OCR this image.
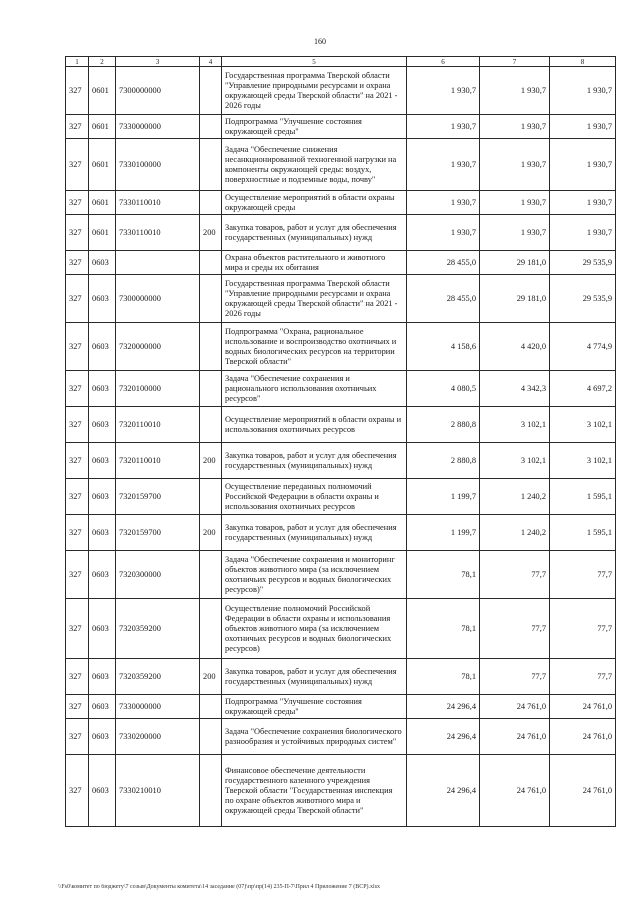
160
1	2	3	4	5	6	7	8
327	0601	7300000000		Государственная программа Тверской области "Управление природными ресурсами и охрана окружающей среды Тверской области" на 2021 - 2026 годы	1 930,7	1 930,7	1 930,7
327	0601	7330000000		Подпрограмма "Улучшение состояния окружающей среды"	1 930,7	1 930,7	1 930,7
327	0601	7330100000		Задача "Обеспечение снижения несанкционированной техногенной нагрузки на компоненты окружающей среды: воздух, поверхностные и подземные воды, почву"	1 930,7	1 930,7	1 930,7
327	0601	7330110010		Осуществление мероприятий в области охраны окружающей среды	1 930,7	1 930,7	1 930,7
327	0601	7330110010	200	Закупка товаров, работ и услуг для обеспечения государственных (муниципальных) нужд	1 930,7	1 930,7	1 930,7
327	0603			Охрана объектов растительного и животного мира и среды их обитания	28 455,0	29 181,0	29 535,9
327	0603	7300000000		Государственная программа Тверской области "Управление природными ресурсами и охрана окружающей среды Тверской области" на 2021 - 2026 годы	28 455,0	29 181,0	29 535,9
327	0603	7320000000		Подпрограмма "Охрана, рациональное использование и воспроизводство охотничьих и водных биологических ресурсов на территории Тверской области"	4 158,6	4 420,0	4 774,9
327	0603	7320100000		Задача "Обеспечение сохранения и рационального использования охотничьих ресурсов"	4 080,5	4 342,3	4 697,2
327	0603	7320110010		Осуществление мероприятий в области охраны и использования охотничьих ресурсов	2 880,8	3 102,1	3 102,1
327	0603	7320110010	200	Закупка товаров, работ и услуг для обеспечения государственных (муниципальных) нужд	2 880,8	3 102,1	3 102,1
327	0603	7320159700		Осуществление переданных полномочий Российской Федерации в области охраны и использования охотничьих ресурсов	1 199,7	1 240,2	1 595,1
327	0603	7320159700	200	Закупка товаров, работ и услуг для обеспечения государственных (муниципальных) нужд	1 199,7	1 240,2	1 595,1
327	0603	7320300000		Задача "Обеспечение сохранения и мониторинг объектов животного мира (за исключением охотничьих ресурсов и водных биологических ресурсов)"	78,1	77,7	77,7
327	0603	7320359200		Осуществление полномочий Российской Федерации в области охраны и использования объектов животного мира (за исключением охотничьих ресурсов и водных биологических ресурсов)	78,1	77,7	77,7
327	0603	7320359200	200	Закупка товаров, работ и услуг для обеспечения государственных (муниципальных) нужд	78,1	77,7	77,7
327	0603	7330000000		Подпрограмма "Улучшение состояния окружающей среды"	24 296,4	24 761,0	24 761,0
327	0603	7330200000		Задача "Обеспечение сохранения биологического разнообразия и устойчивых природных систем"	24 296,4	24 761,0	24 761,0
327	0603	7330210010		Финансовое обеспечение деятельности государственного казенного учреждения Тверской области "Государственная инспекция по охране объектов животного мира и окружающей среды Тверской области"	24 296,4	24 761,0	24 761,0
\\Fs0\комитет по бюджету\7 созыв\Документы комитета\14 заседание (07)\пр\пр(14) 235-П-7\Прил 4 Приложение 7 (ВСР).xlsx
